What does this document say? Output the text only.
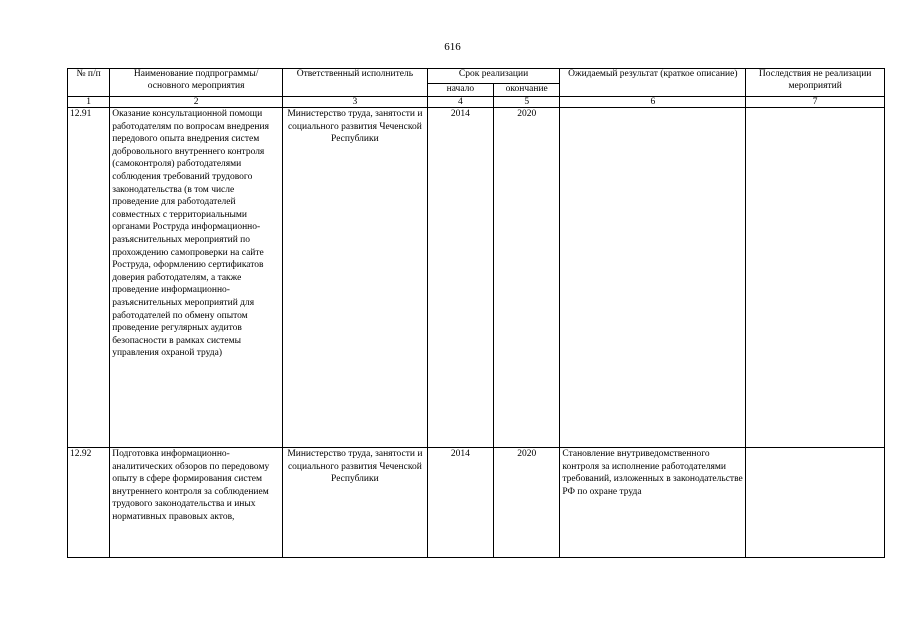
616
№ п/п	Наименование подпрограммы/ основного мероприятия	Ответственный исполнитель	Срок реализации		Ожидаемый результат (краткое описание)	Последствия не реализации мероприятий
			начало	окончание		
1	2	3	4	5	6	7
12.91	Оказание консультационной помощи работодателям по вопросам внедрения передового опыта внедрения систем добровольного внутреннего контроля (самоконтроля) работодателями соблюдения требований трудового законодательства (в том числе проведение для работодателей совместных с территориальными органами Роструда информационно-разъяснительных мероприятий по прохождению самопроверки на сайте Роструда, оформлению сертификатов доверия работодателям, а также проведение информационно-разъяснительных мероприятий для работодателей по обмену опытом проведение регулярных аудитов безопасности в рамках системы управления охраной труда)	Министерство труда, занятости и социального развития Чеченской Республики	2014	2020		
12.92	Подготовка информационно-аналитических обзоров по передовому опыту в сфере формирования систем внутреннего контроля за соблюдением трудового законодательства и иных нормативных правовых актов,	Министерство труда, занятости и социального развития Чеченской Республики	2014	2020	Становление внутриведомственного контроля за исполнение работодателями требований, изложенных в законодательстве РФ по охране труда	
